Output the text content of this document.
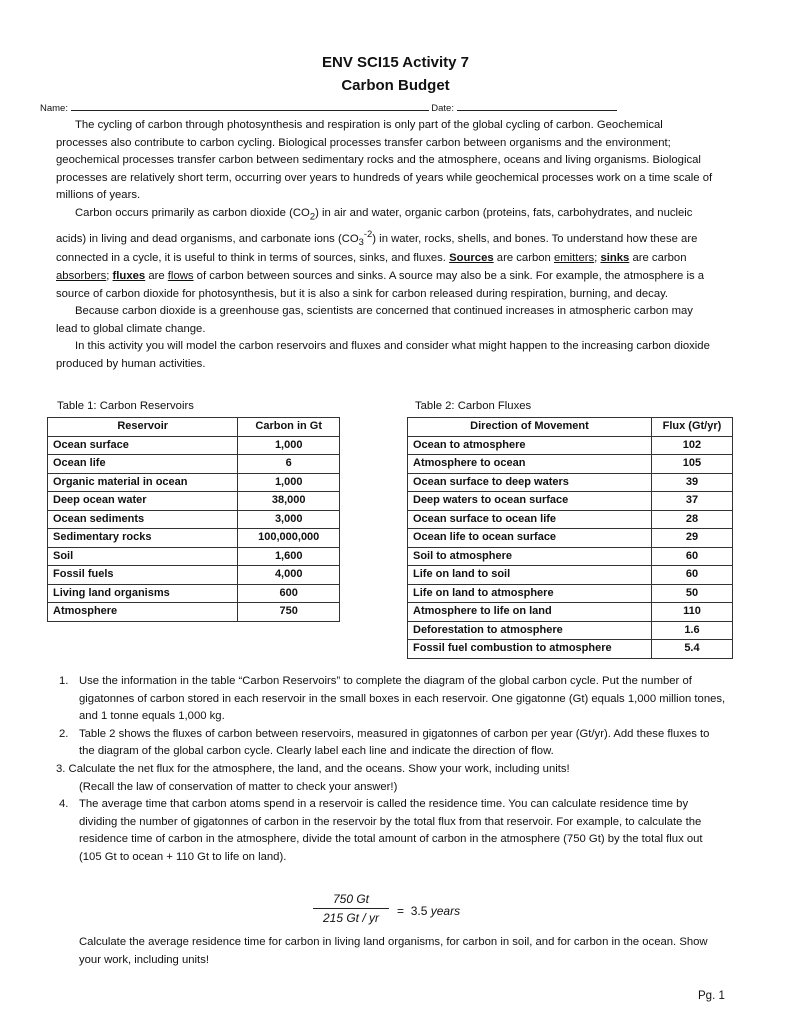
ENV SCI15 Activity 7
Carbon Budget
Name:	Date:

The cycling of carbon through photosynthesis and respiration is only part of the global cycling of carbon. Geochemical processes also contribute to carbon cycling. Biological processes transfer carbon between organisms and the environment; geochemical processes transfer carbon between sedimentary rocks and the atmosphere, oceans and living organisms. Biological processes are relatively short term, occurring over years to hundreds of years while geochemical processes work on a time scale of millions of years.

Carbon occurs primarily as carbon dioxide $(CO_2)$ in air and water, organic carbon (proteins, fats, carbohydrates, and nucleic acids) in living and dead organisms, and carbonate ions $(CO_3^{-2})$ in water, rocks, shells, and bones. To understand how these are connected in a cycle, it is useful to think in terms of sources, sinks, and fluxes. Sources are carbon emitters; sinks are carbon absorbers; fluxes are flows of carbon between sources and sinks. A source may also be a sink. For example, the atmosphere is a source of carbon dioxide for photosynthesis, but it is also a sink for carbon released during respiration, burning, and decay.

Because carbon dioxide is a greenhouse gas, scientists are concerned that continued increases in atmospheric carbon may lead to global climate change.

In this activity you will model the carbon reservoirs and fluxes and consider what might happen to the increasing carbon dioxide produced by human activities.

Table 1: Carbon Reservoirs
Reservoir	Carbon in Gt
Ocean surface	1,000
Ocean life	6
Organic material in ocean	1,000
Deep ocean water	38,000
Ocean sediments	3,000
Sedimentary rocks	100,000,000
Soil	1,600
Fossil fuels	4,000
Living land organisms	600
Atmosphere	750
Table 2: Carbon Fluxes
Direction of Movement	Flux (Gt/yr)
Ocean to atmosphere	102
Atmosphere to ocean	105
Ocean surface to deep waters	39
Deep waters to ocean surface	37
Ocean surface to ocean life	28
Ocean life to ocean surface	29
Soil to atmosphere	60
Life on land to soil	60
Life on land to atmosphere	50
Atmosphere to life on land	110
Deforestation to atmosphere	1.6
Fossil fuel combustion to atmosphere	5.4
1. Use the information in the table “Carbon Reservoirs” to complete the diagram of the global carbon cycle. Put the number of gigatonnes of carbon stored in each reservoir in the small boxes in each reservoir. One gigatonne (Gt) equals 1,000 million tones, and 1 tonne equals 1,000 kg.
2. Table 2 shows the fluxes of carbon between reservoirs, measured in gigatonnes of carbon per year (Gt/yr). Add these fluxes to the diagram of the global carbon cycle. Clearly label each line and indicate the direction of flow.
3. Calculate the net flux for the atmosphere, the land, and the oceans. Show your work, including units!
(Recall the law of conservation of matter to check your answer!)
4. The average time that carbon atoms spend in a reservoir is called the residence time. You can calculate residence time by dividing the number of gigatonnes of carbon in the reservoir by the total flux from that reservoir. For example, to calculate the residence time of carbon in the atmosphere, divide the total amount of carbon in the atmosphere (750 Gt) by the total flux out (105 Gt to ocean + 110 Gt to life on land).
$\frac{750 Gt}{215 Gt / yr} = 3.5$ years
Calculate the average residence time for carbon in living land organisms, for carbon in soil, and for carbon in the ocean. Show your work, including units!
Pg. 1
